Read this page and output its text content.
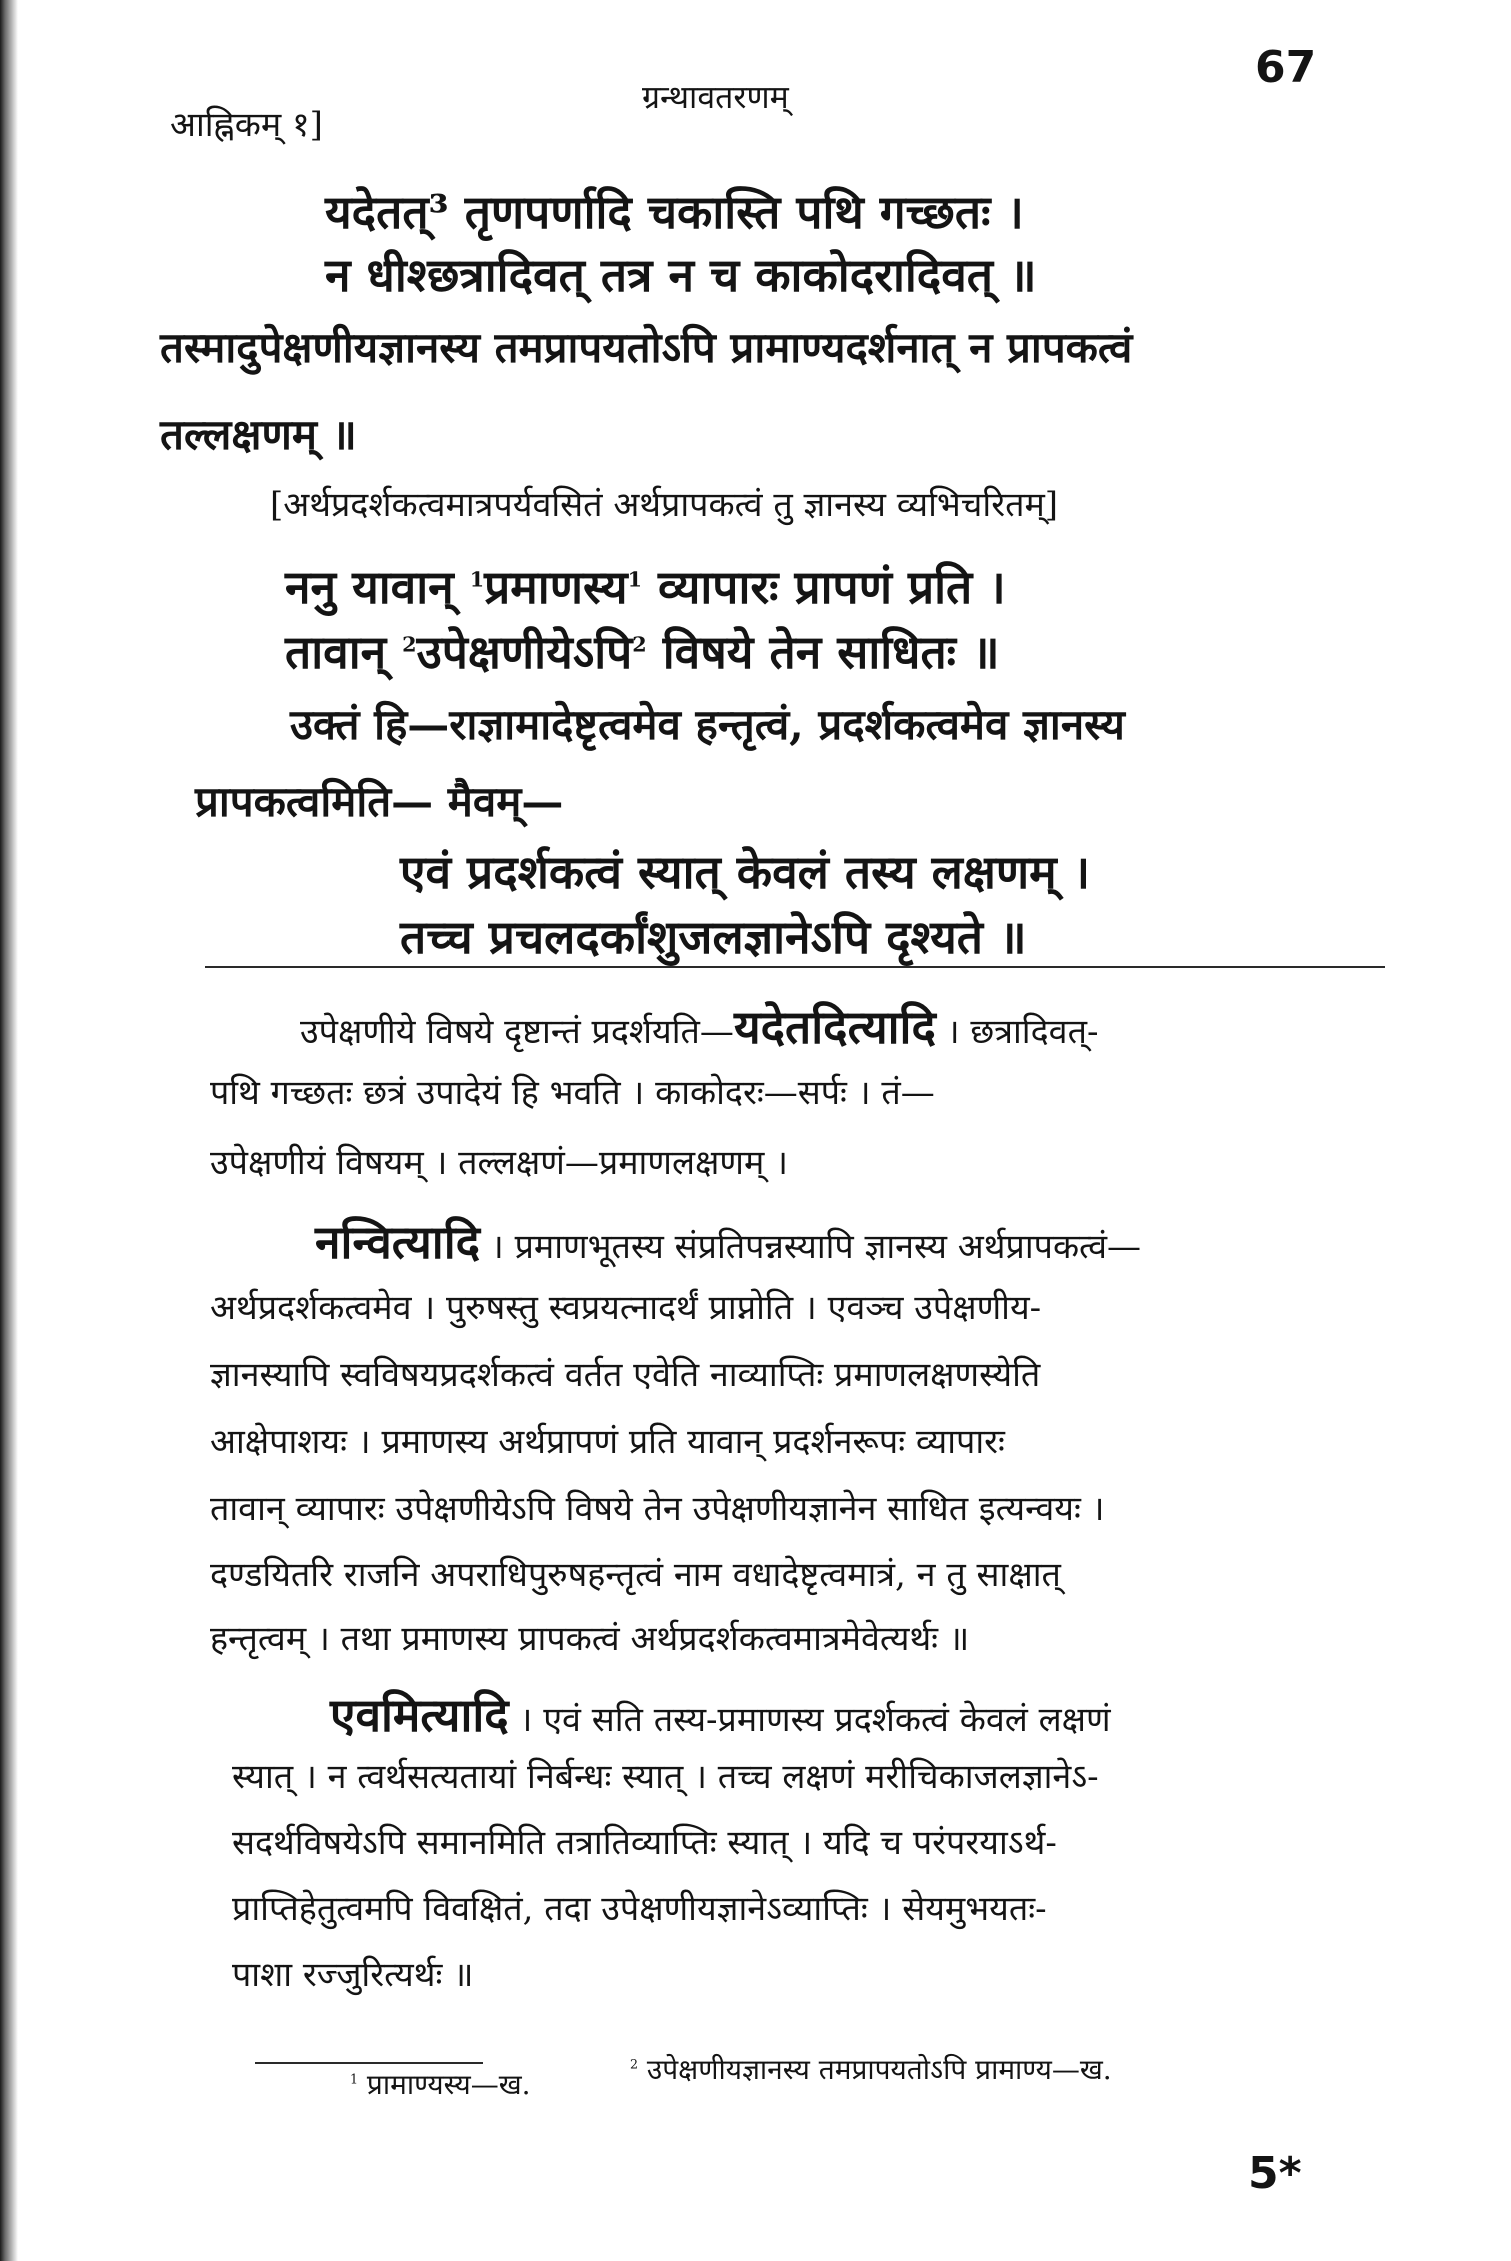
आह्निकम् १]
ग्रन्थावतरणम्
67
यदेतत्³ तृणपर्णादि चकास्ति पथि गच्छतः ।
न धीश्छत्रादिवत् तत्र न च काकोदरादिवत् ॥
तस्मादुपेक्षणीयज्ञानस्य तमप्रापयतोऽपि प्रामाण्यदर्शनात् न प्रापकत्वं
तल्लक्षणम् ॥
[अर्थप्रदर्शकत्वमात्रपर्यवसितं अर्थप्रापकत्वं तु ज्ञानस्य व्यभिचरितम्]
ननु यावान् $^1$प्रमाणस्य$^1$ व्यापारः प्रापणं प्रति ।
तावान् $^2$उपेक्षणीयेऽपि$^2$ विषये तेन साधितः ॥
उक्तं हि—राज्ञामादेष्टृत्वमेव हन्तृत्वं, प्रदर्शकत्वमेव ज्ञानस्य
प्रापकत्वमिति— मैवम्—
एवं प्रदर्शकत्वं स्यात् केवलं तस्य लक्षणम् ।
तच्च प्रचलदर्कांशुजलज्ञानेऽपि दृश्यते ॥
उपेक्षणीये विषये दृष्टान्तं प्रदर्शयति—यदेतदित्यादि । छत्रादिवत्-
पथि गच्छतः छत्रं उपादेयं हि भवति । काकोदरः—सर्पः । तं—
उपेक्षणीयं विषयम् । तल्लक्षणं—प्रमाणलक्षणम् ।
नन्वित्यादि । प्रमाणभूतस्य संप्रतिपन्नस्यापि ज्ञानस्य अर्थप्रापकत्वं—
अर्थप्रदर्शकत्वमेव । पुरुषस्तु स्वप्रयत्नादर्थं प्राप्नोति । एवञ्च उपेक्षणीय-
ज्ञानस्यापि स्वविषयप्रदर्शकत्वं वर्तत एवेति नाव्याप्तिः प्रमाणलक्षणस्येति
आक्षेपाशयः । प्रमाणस्य अर्थप्रापणं प्रति यावान् प्रदर्शनरूपः व्यापारः
तावान् व्यापारः उपेक्षणीयेऽपि विषये तेन उपेक्षणीयज्ञानेन साधित इत्यन्वयः ।
दण्डयितरि राजनि अपराधिपुरुषहन्तृत्वं नाम वधादेष्टृत्वमात्रं, न तु साक्षात्
हन्तृत्वम् । तथा प्रमाणस्य प्रापकत्वं अर्थप्रदर्शकत्वमात्रमेवेत्यर्थः ॥
एवमित्यादि । एवं सति तस्य-प्रमाणस्य प्रदर्शकत्वं केवलं लक्षणं
स्यात् । न त्वर्थसत्यतायां निर्बन्धः स्यात् । तच्च लक्षणं मरीचिकाजलज्ञानेऽ-
सदर्थविषयेऽपि समानमिति तत्रातिव्याप्तिः स्यात् । यदि च परंपरयाऽर्थ-
प्राप्तिहेतुत्वमपि विवक्षितं, तदा उपेक्षणीयज्ञानेऽव्याप्तिः । सेयमुभयतः-
पाशा रज्जुरित्यर्थः ॥
$^1$ प्रामाण्यस्य—ख.
$^2$ उपेक्षणीयज्ञानस्य तमप्रापयतोऽपि प्रामाण्य—ख.
5*
